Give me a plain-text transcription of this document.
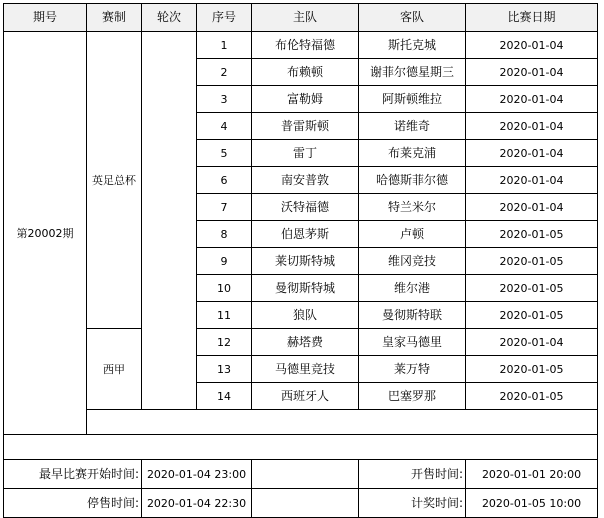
期号	赛制	轮次	序号	主队	客队	比赛日期
第20002期	英足总杯		1	布伦特福德	斯托克城	2020-01-04
			2	布赖顿	谢菲尔德星期三	2020-01-04
			3	富勒姆	阿斯顿维拉	2020-01-04
			4	普雷斯顿	诺维奇	2020-01-04
			5	雷丁	布莱克浦	2020-01-04
			6	南安普敦	哈德斯菲尔德	2020-01-04
			7	沃特福德	特兰米尔	2020-01-04
			8	伯恩茅斯	卢顿	2020-01-05
			9	莱切斯特城	维冈竞技	2020-01-05
			10	曼彻斯特城	维尔港	2020-01-05
			11	狼队	曼彻斯特联	2020-01-05
	西甲		12	赫塔费	皇家马德里	2020-01-04
			13	马德里竞技	莱万特	2020-01-05
			14	西班牙人	巴塞罗那	2020-01-05

最早比赛开始时间:		2020-01-04 23:00			开售时间:	2020-01-01 20:00
停售时间:		2020-01-04 22:30			计奖时间:	2020-01-05 10:00
